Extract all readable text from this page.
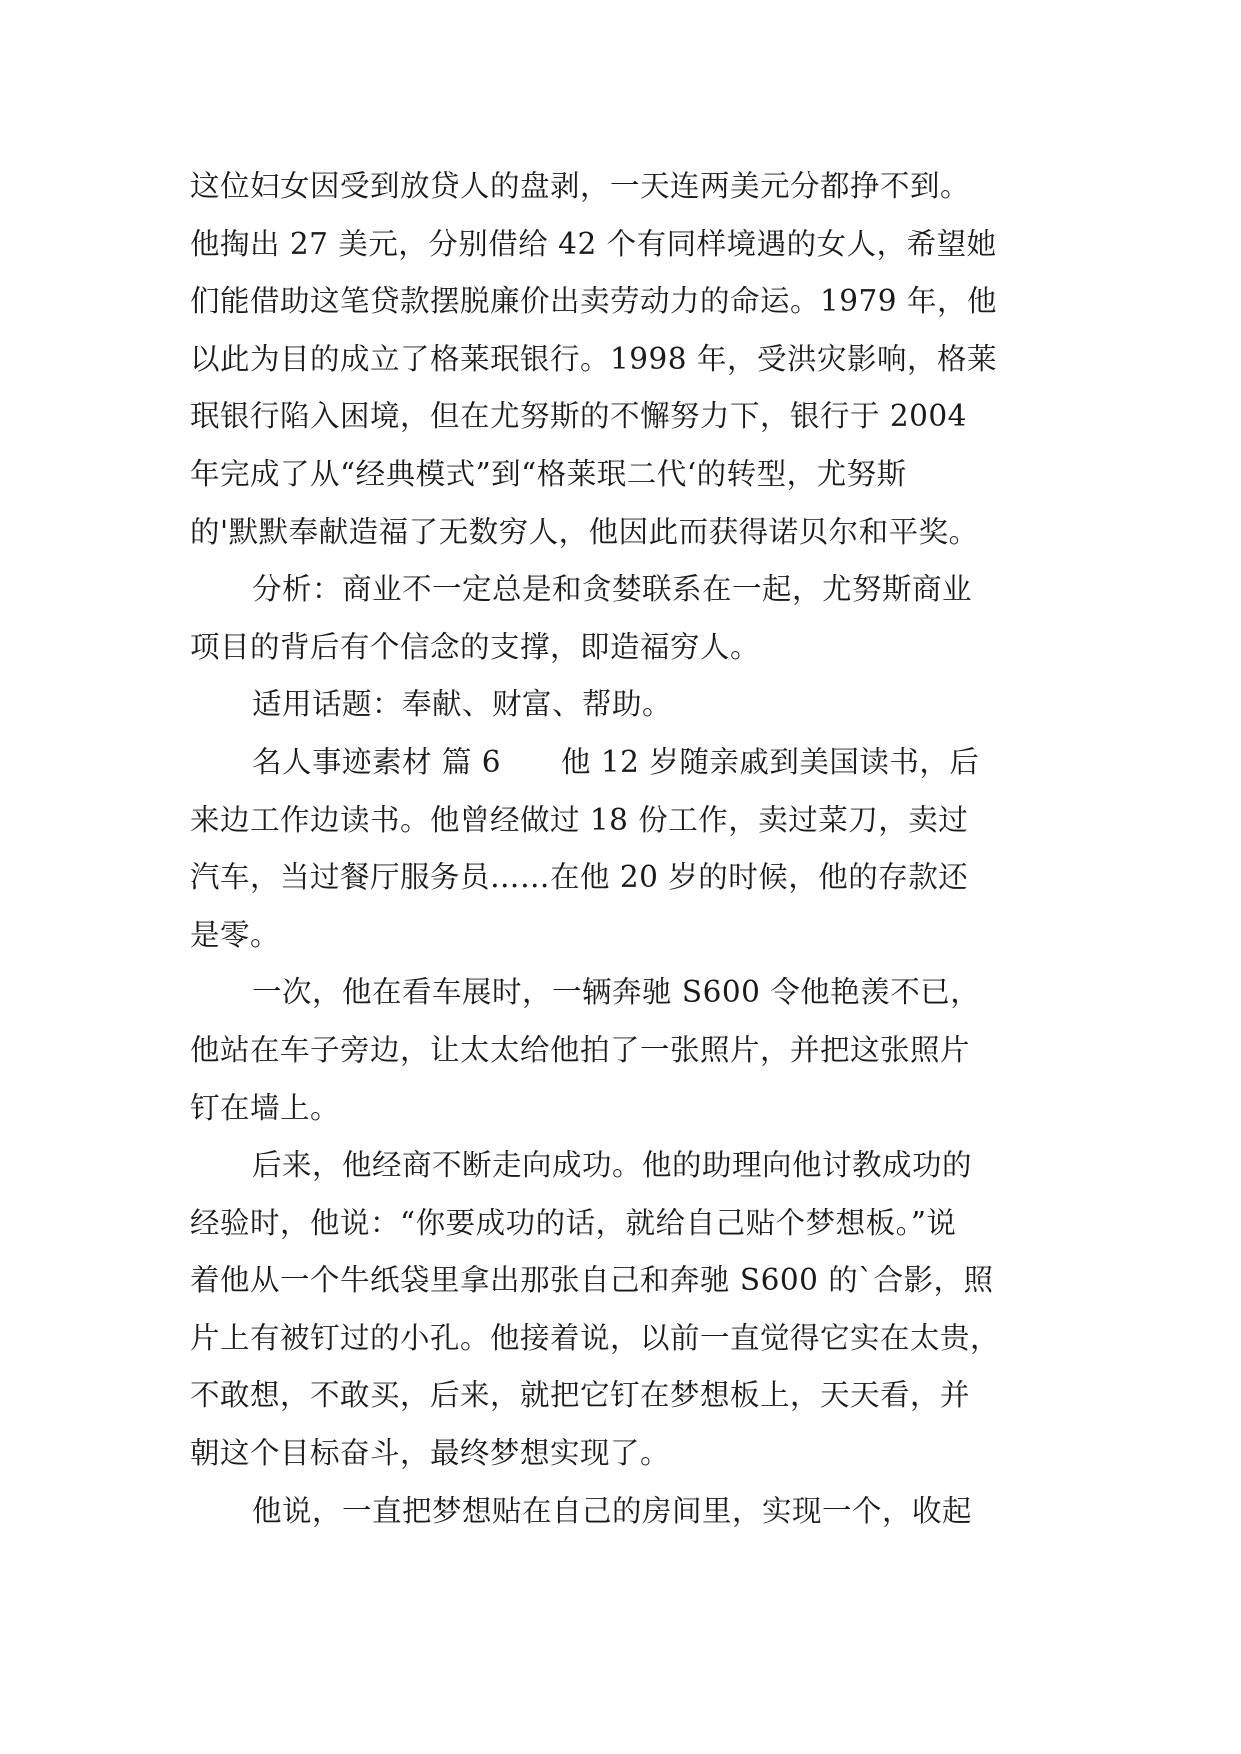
这位妇女因受到放贷人的盘剥，一天连两美元分都挣不到。
他掏出 27 美元，分别借给 42 个有同样境遇的女人，希望她
们能借助这笔贷款摆脱廉价出卖劳动力的命运。1979 年，他
以此为目的成立了格莱珉银行。1998 年，受洪灾影响，格莱
珉银行陷入困境，但在尤努斯的不懈努力下，银行于 2004
年完成了从“经典模式”到“格莱珉二代‘的转型，尤努斯
的'默默奉献造福了无数穷人，他因此而获得诺贝尔和平奖。
分析：商业不一定总是和贪婪联系在一起，尤努斯商业
项目的背后有个信念的支撑，即造福穷人。
适用话题：奉献、财富、帮助。
名人事迹素材 篇 6　　他 12 岁随亲戚到美国读书，后
来边工作边读书。他曾经做过 18 份工作，卖过菜刀，卖过
汽车，当过餐厅服务员……在他 20 岁的时候，他的存款还
是零。
一次，他在看车展时，一辆奔驰 S600 令他艳羡不已，
他站在车子旁边，让太太给他拍了一张照片，并把这张照片
钉在墙上。
后来，他经商不断走向成功。他的助理向他讨教成功的
经验时，他说：“你要成功的话，就给自己贴个梦想板。”说
着他从一个牛纸袋里拿出那张自己和奔驰 S600 的`合影，照
片上有被钉过的小孔。他接着说，以前一直觉得它实在太贵，
不敢想，不敢买，后来，就把它钉在梦想板上，天天看，并
朝这个目标奋斗，最终梦想实现了。
他说，一直把梦想贴在自己的房间里，实现一个，收起
